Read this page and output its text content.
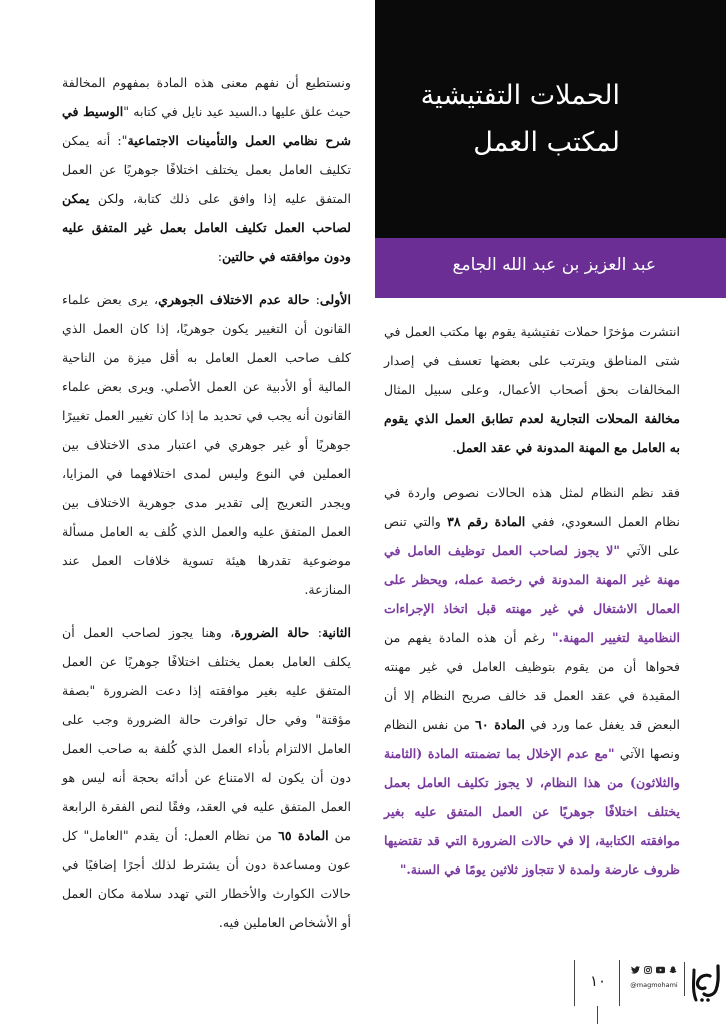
الحملات التفتيشية
لمكتب العمل
عبد العزيز بن عبد الله الجامع

ونستطيع أن نفهم معنى هذه المادة بمفهوم المخالفة حيث علق عليها د.السيد عيد نايل في كتابه "الوسيط في شرح نظامي العمل والتأمينات الاجتماعية": أنه يمكن تكليف العامل بعمل يختلف اختلافًا جوهريًا عن العمل المتفق عليه إذا وافق على ذلك كتابة، ولكن يمكن لصاحب العمل تكليف العامل بعمل غير المتفق عليه ودون موافقته في حالتين:

الأولى: حالة عدم الاختلاف الجوهري، يرى بعض علماء القانون أن التغيير يكون جوهريًا، إذا كان العمل الذي كلف صاحب العمل العامل به أقل ميزة من الناحية المالية أو الأدبية عن العمل الأصلي. ويرى بعض علماء القانون أنه يجب في تحديد ما إذا كان تغيير العمل تغييرًا جوهريًا أو غير جوهري في اعتبار مدى الاختلاف بين العملين في النوع وليس لمدى اختلافهما في المزايا، ويجدر التعريج إلى تقدير مدى جوهرية الاختلاف بين العمل المتفق عليه والعمل الذي كُلف به العامل مسألة موضوعية تقدرها هيئة تسوية خلافات العمل عند المنازعة.

الثانية: حالة الضرورة، وهنا يجوز لصاحب العمل أن يكلف العامل بعمل يختلف اختلافًا جوهريًا عن العمل المتفق عليه بغير موافقته إذا دعت الضرورة "بصفة مؤقتة" وفي حال توافرت حالة الضرورة وجب على العامل الالتزام بأداء العمل الذي كُلفة به صاحب العمل دون أن يكون له الامتناع عن أدائه بحجة أنه ليس هو العمل المتفق عليه في العقد، وفقًا لنص الفقرة الرابعة من المادة ٦٥ من نظام العمل: أن يقدم "العامل" كل عون ومساعدة دون أن يشترط لذلك أجرًا إضافيًا في حالات الكوارث والأخطار التي تهدد سلامة مكان العمل أو الأشخاص العاملين فيه.

انتشرت مؤخرًا حملات تفتيشية يقوم بها مكتب العمل في شتى المناطق ويترتب على بعضها تعسف في إصدار المخالفات بحق أصحاب الأعمال، وعلى سبيل المثال مخالفة المحلات التجارية لعدم تطابق العمل الذي يقوم به العامل مع المهنة المدونة في عقد العمل.

فقد نظم النظام لمثل هذه الحالات نصوص واردة في نظام العمل السعودي، ففي المادة رقم ٣٨ والتي تنص على الآتي "لا يجوز لصاحب العمل توظيف العامل في مهنة غير المهنة المدونة في رخصة عمله، ويحظر على العمال الاشتغال في غير مهنته قبل اتخاذ الإجراءات النظامية لتغيير المهنة." رغم أن هذه المادة يفهم من فحواها أن من يقوم بتوظيف العامل في غير مهنته المقيدة في عقد العمل قد خالف صريح النظام إلا أن البعض قد يغفل عما ورد في المادة ٦٠ من نفس النظام ونصها الآتي "مع عدم الإخلال بما تضمنته المادة (الثامنة والثلاثون) من هذا النظام، لا يجوز تكليف العامل بعمل يختلف اختلافًا جوهريًا عن العمل المتفق عليه بغير موافقته الكتابية، إلا في حالات الضرورة التي قد تقتضيها ظروف عارضة ولمدة لا تتجاوز ثلاثين يومًا في السنة."

١٠
	@magmohami
